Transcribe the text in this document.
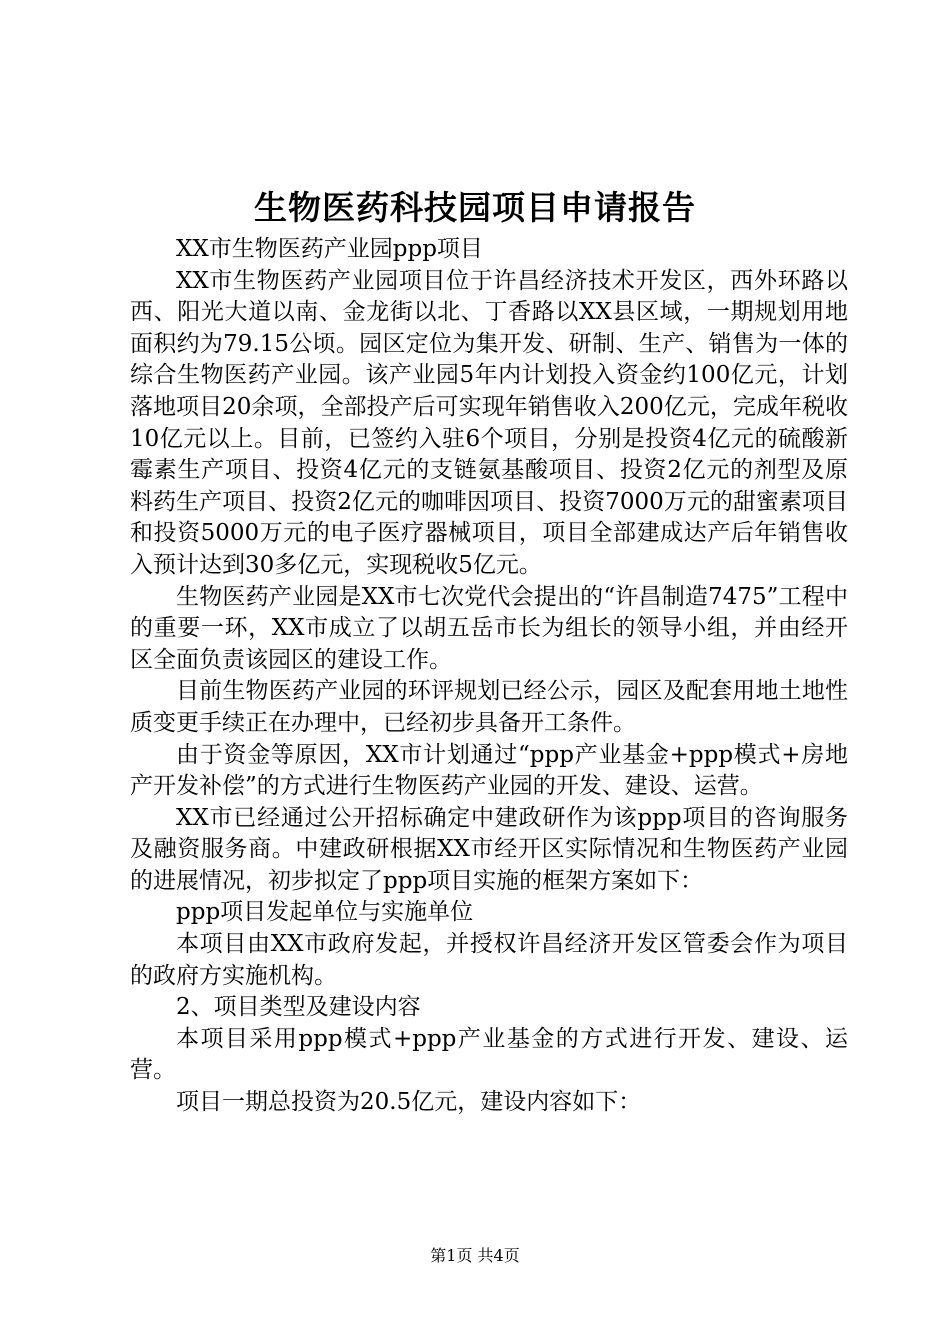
生物医药科技园项目申请报告

XX市生物医药产业园ppp项目

XX市生物医药产业园项目位于许昌经济技术开发区，西外环路以西、阳光大道以南、金龙街以北、丁香路以XX县区域，一期规划用地面积约为79.15公顷。园区定位为集开发、研制、生产、销售为一体的综合生物医药产业园。该产业园5年内计划投入资金约100亿元，计划落地项目20余项，全部投产后可实现年销售收入200亿元，完成年税收10亿元以上。目前，已签约入驻6个项目，分别是投资4亿元的硫酸新霉素生产项目、投资4亿元的支链氨基酸项目、投资2亿元的剂型及原料药生产项目、投资2亿元的咖啡因项目、投资7000万元的甜蜜素项目和投资5000万元的电子医疗器械项目，项目全部建成达产后年销售收入预计达到30多亿元，实现税收5亿元。

生物医药产业园是XX市七次党代会提出的“许昌制造7475”工程中的重要一环，XX市成立了以胡五岳市长为组长的领导小组，并由经开区全面负责该园区的建设工作。

目前生物医药产业园的环评规划已经公示，园区及配套用地土地性质变更手续正在办理中，已经初步具备开工条件。

由于资金等原因，XX市计划通过“ppp产业基金+ppp模式+房地产开发补偿”的方式进行生物医药产业园的开发、建设、运营。

XX市已经通过公开招标确定中建政研作为该ppp项目的咨询服务及融资服务商。中建政研根据XX市经开区实际情况和生物医药产业园的进展情况，初步拟定了ppp项目实施的框架方案如下：

ppp项目发起单位与实施单位

本项目由XX市政府发起，并授权许昌经济开发区管委会作为项目的政府方实施机构。

2、项目类型及建设内容

本项目采用ppp模式+ppp产业基金的方式进行开发、建设、运营。

项目一期总投资为20.5亿元，建设内容如下：

第1页 共4页
